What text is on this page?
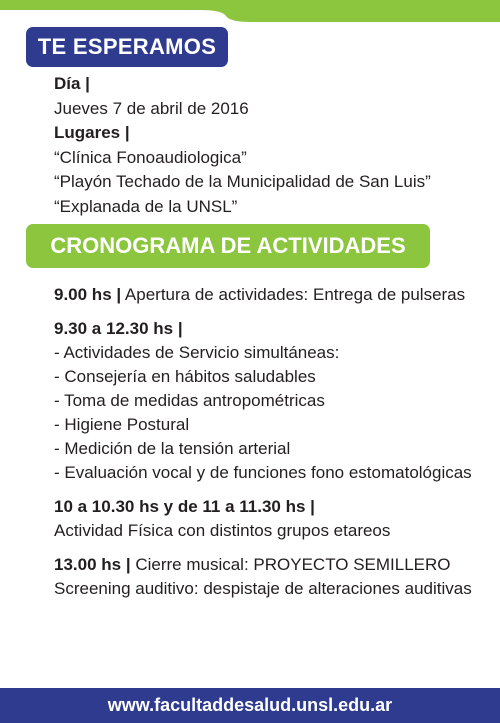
TE ESPERAMOS
Día |
Jueves 7 de abril de 2016
Lugares |
“Clínica Fonoaudiologica”
“Playón Techado de la Municipalidad de San Luis”
“Explanada de la UNSL”
CRONOGRAMA DE ACTIVIDADES
9.00 hs | Apertura de actividades: Entrega de pulseras
9.30 a 12.30 hs |
- Actividades de Servicio simultáneas:
- Consejería en hábitos saludables
- Toma de medidas antropométricas
- Higiene Postural
- Medición de la tensión arterial
- Evaluación vocal y de funciones fono estomatológicas
10 a 10.30 hs y de 11 a 11.30 hs |
Actividad Física con distintos grupos etareos
13.00 hs | Cierre musical: PROYECTO SEMILLERO
Screening auditivo: despistaje de alteraciones auditivas
www.facultaddesalud.unsl.edu.ar
